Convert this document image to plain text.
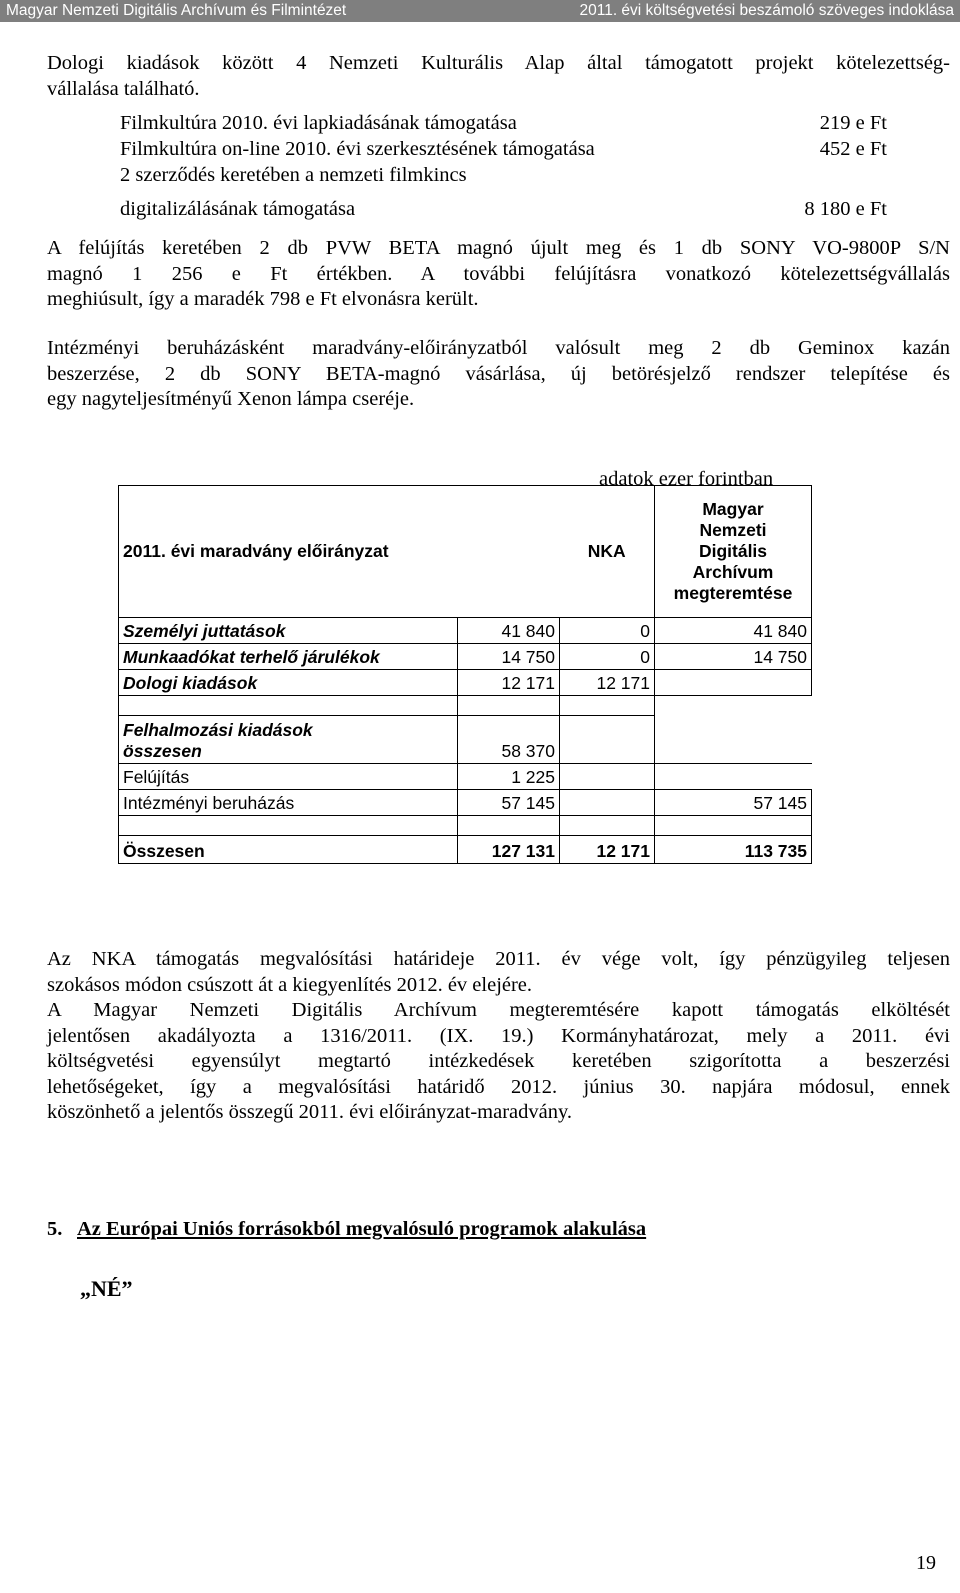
Magyar Nemzeti Digitális Archívum és Filmintézet	2011. évi költségvetési beszámoló szöveges indoklása
Dologi kiadások között 4 Nemzeti Kulturális Alap által támogatott projekt kötelezettség-
vállalása található.
Filmkultúra 2010. évi lapkiadásának támogatása	219 e Ft
Filmkultúra on-line 2010. évi szerkesztésének támogatása	452 e Ft
2 szerződés keretében a nemzeti filmkincs
digitalizálásának támogatása	8 180 e Ft
A felújítás keretében 2 db PVW BETA magnó újult meg és 1 db SONY VO-9800P S/N
magnó 1 256 e Ft értékben. A további felújításra vonatkozó kötelezettségvállalás
meghiúsult, így a maradék 798 e Ft elvonásra került.
Intézményi beruházásként maradvány-előirányzatból valósult meg 2 db Geminox kazán
beszerzése, 2 db SONY BETA-magnó vásárlása, új betörésjelző rendszer telepítése és
egy nagyteljesítményű Xenon lámpa cseréje.
adatok ezer forintban
2011. évi maradvány előirányzat		NKA	Magyar
Nemzeti
Digitális
Archívum
megteremtése
Személyi juttatások	41 840	0	41 840
Munkaadókat terhelő járulékok	14 750	0	14 750
Dologi kiadások	12 171	12 171	

Felhalmozási kiadások
összesen	58 370		
Felújítás	1 225		
Intézményi beruházás	57 145		57 145

Összesen	127 131	12 171	113 735
Az NKA támogatás megvalósítási határideje 2011. év vége volt, így pénzügyileg teljesen
szokásos módon csúszott át a kiegyenlítés 2012. év elejére.
A Magyar Nemzeti Digitális Archívum megteremtésére kapott támogatás elköltését
jelentősen akadályozta a 1316/2011. (IX. 19.) Kormányhatározat, mely a 2011. évi
költségvetési egyensúlyt megtartó intézkedések keretében szigorította a beszerzési
lehetőségeket, így a megvalósítási határidő 2012. június 30. napjára módosul, ennek
köszönhető a jelentős összegű 2011. évi előirányzat-maradvány.
5. Az Európai Uniós forrásokból megvalósuló programok alakulása
„NÉ”
19
